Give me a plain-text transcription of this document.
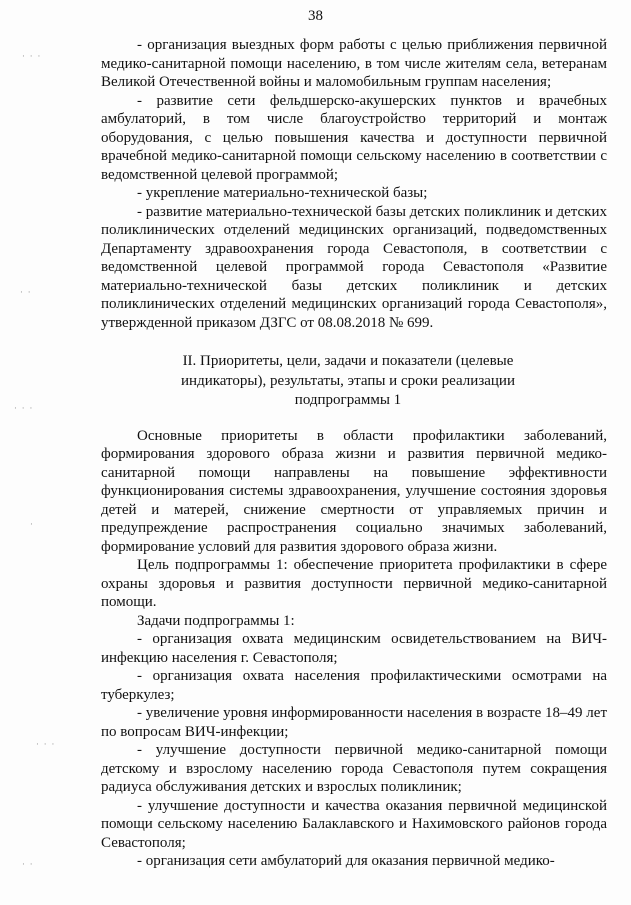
38
· · ·
· ·
· · ·
·
· · ·
· ·

- организация выездных форм работы с целью приближения первичной медико-санитарной помощи населению, в том числе жителям села, ветеранам Великой Отечественной войны и маломобильным группам населения;

- развитие сети фельдшерско-акушерских пунктов и врачебных амбулаторий, в том числе благоустройство территорий и монтаж оборудования, с целью повышения качества и доступности первичной врачебной медико-санитарной помощи сельскому населению в соответствии с ведомственной целевой программой;

- укрепление материально-технической базы;

- развитие материально-технической базы детских поликлиник и детских поликлинических отделений медицинских организаций, подведомственных Департаменту здравоохранения города Севастополя, в соответствии с ведомственной целевой программой города Севастополя «Развитие материально-технической базы детских поликлиник и детских поликлинических отделений медицинских организаций города Севастополя», утвержденной приказом ДЗГС от 08.08.2018 № 699.

II. Приоритеты, цели, задачи и показатели (целевые
индикаторы), результаты, этапы и сроки реализации
подпрограммы 1

Основные приоритеты в области профилактики заболеваний, формирования здорового образа жизни и развития первичной медико-санитарной помощи направлены на повышение эффективности функционирования системы здравоохранения, улучшение состояния здоровья детей и матерей, снижение смертности от управляемых причин и предупреждение распространения социально значимых заболеваний, формирование условий для развития здорового образа жизни.

Цель подпрограммы 1: обеспечение приоритета профилактики в сфере охраны здоровья и развития доступности первичной медико-санитарной помощи.

Задачи подпрограммы 1:

- организация охвата медицинским освидетельствованием на ВИЧ-инфекцию населения г. Севастополя;

- организация охвата населения профилактическими осмотрами на туберкулез;

- увеличение уровня информированности населения в возрасте 18–49 лет по вопросам ВИЧ-инфекции;

- улучшение доступности первичной медико-санитарной помощи детскому и взрослому населению города Севастополя путем сокращения радиуса обслуживания детских и взрослых поликлиник;

- улучшение доступности и качества оказания первичной медицинской помощи сельскому населению Балаклавского и Нахимовского районов города Севастополя;

- организация сети амбулаторий для оказания первичной медико-
